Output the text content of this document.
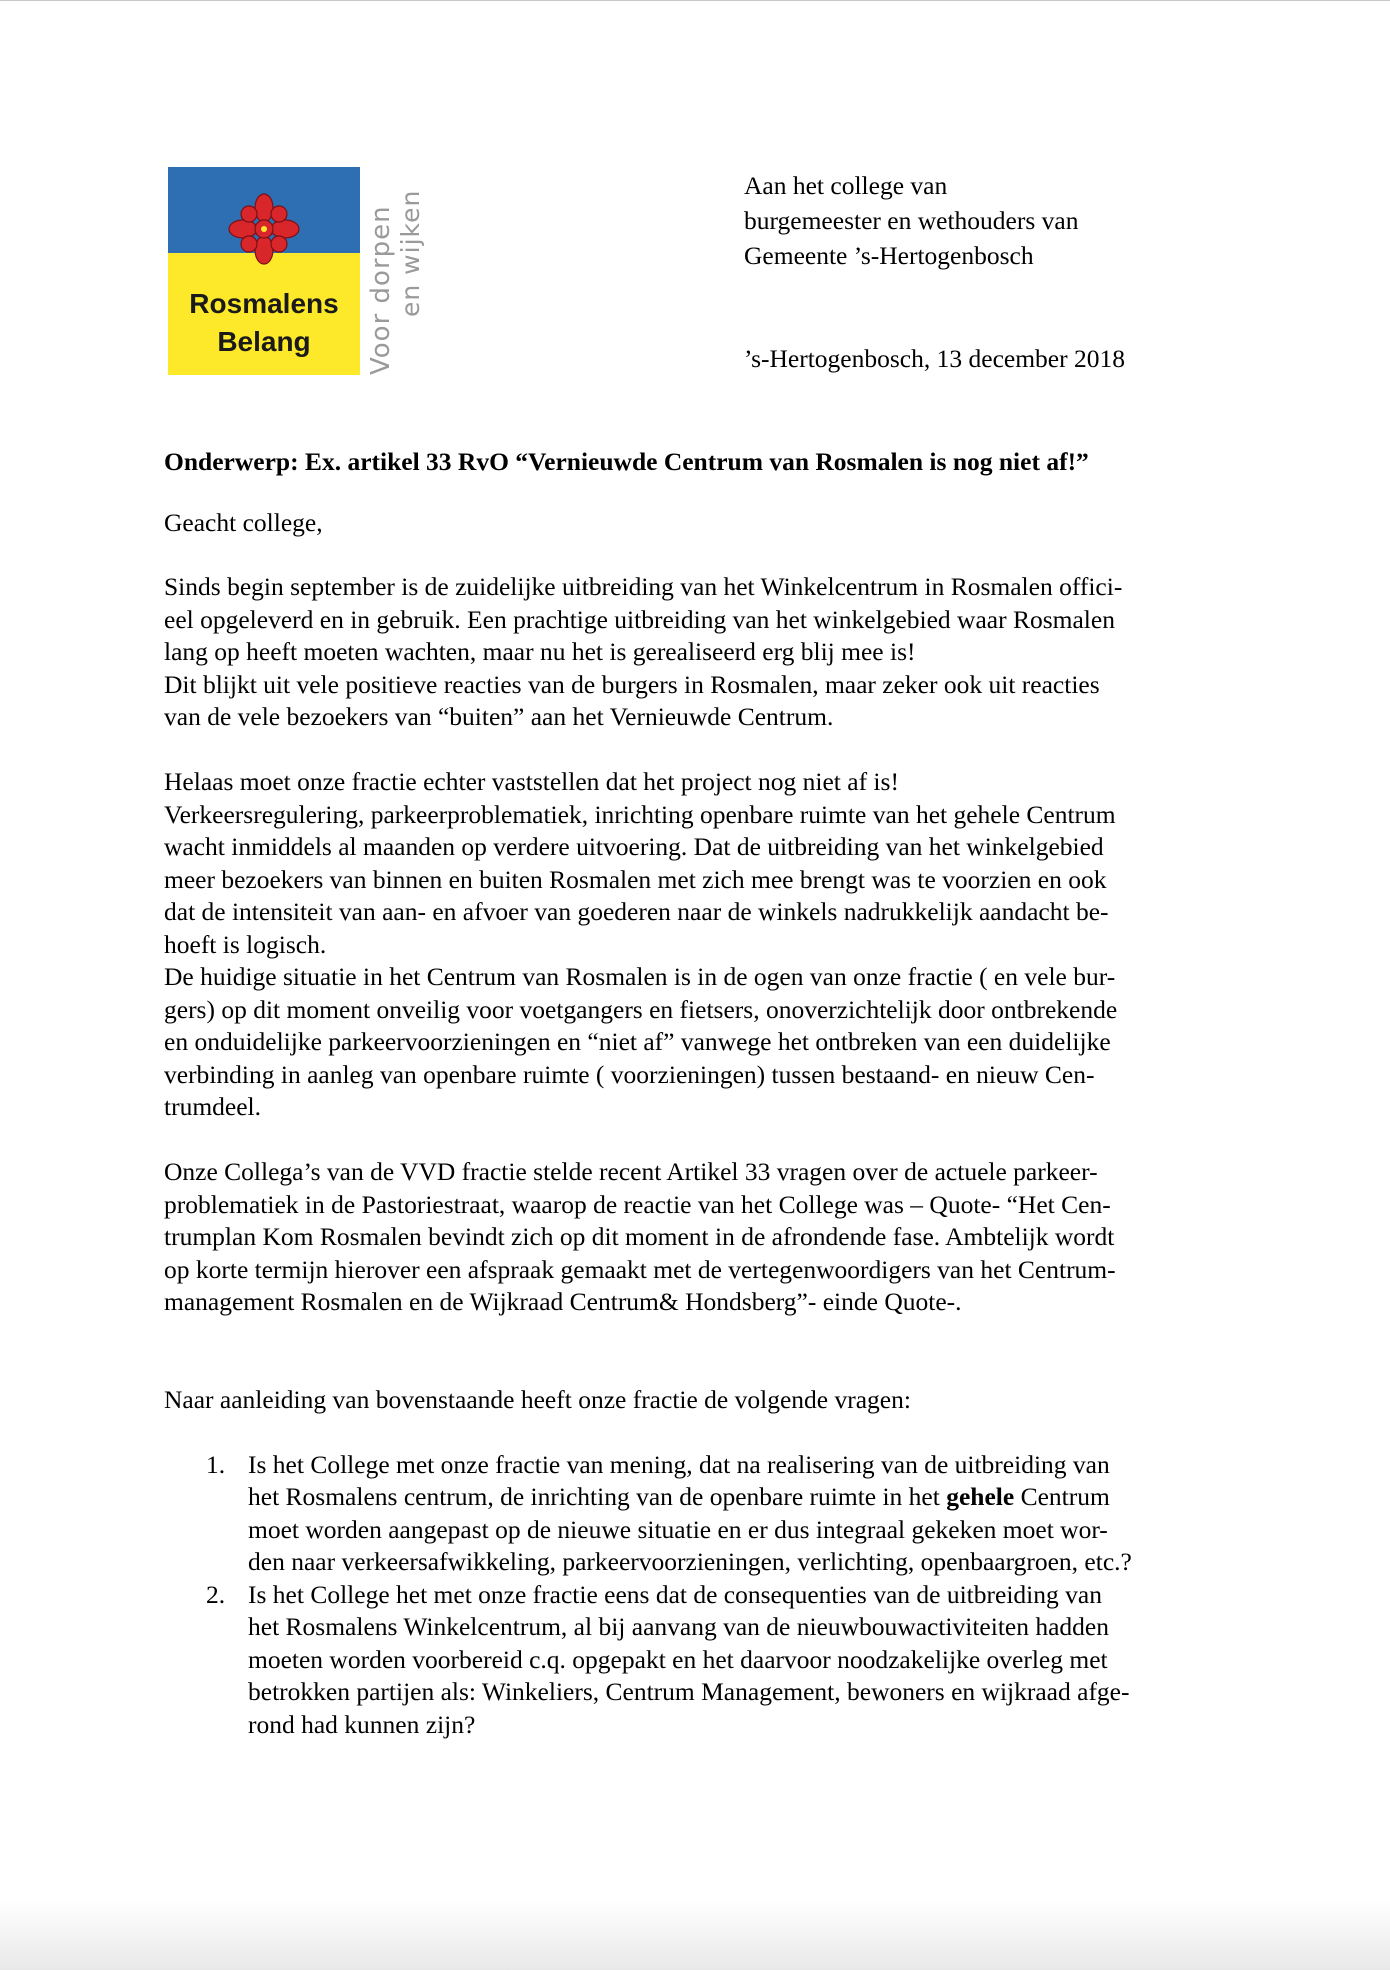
Rosmalens
Belang	Voor dorpen en wijken
Aan het college van
burgemeester en wethouders van
Gemeente ’s-Hertogenbosch
’s-Hertogenbosch, 13 december 2018
Onderwerp: Ex. artikel 33 RvO “Vernieuwde Centrum van Rosmalen is nog niet af!”
Geacht college,
Sinds begin september is de zuidelijke uitbreiding van het Winkelcentrum in Rosmalen offici-
eel opgeleverd en in gebruik. Een prachtige uitbreiding van het winkelgebied waar Rosmalen
lang op heeft moeten wachten, maar nu het is gerealiseerd erg blij mee is!
Dit blijkt uit vele positieve reacties van de burgers in Rosmalen, maar zeker ook uit reacties
van de vele bezoekers van “buiten” aan het Vernieuwde Centrum.
Helaas moet onze fractie echter vaststellen dat het project nog niet af is!
Verkeersregulering, parkeerproblematiek, inrichting openbare ruimte van het gehele Centrum
wacht inmiddels al maanden op verdere uitvoering. Dat de uitbreiding van het winkelgebied
meer bezoekers van binnen en buiten Rosmalen met zich mee brengt was te voorzien en ook
dat de intensiteit van aan- en afvoer van goederen naar de winkels nadrukkelijk aandacht be-
hoeft is logisch.
De huidige situatie in het Centrum van Rosmalen is in de ogen van onze fractie ( en vele bur-
gers) op dit moment onveilig voor voetgangers en fietsers, onoverzichtelijk door ontbrekende
en onduidelijke parkeervoorzieningen en “niet af” vanwege het ontbreken van een duidelijke
verbinding in aanleg van openbare ruimte ( voorzieningen) tussen bestaand- en nieuw Cen-
trumdeel.
Onze Collega’s van de VVD fractie stelde recent Artikel 33 vragen over de actuele parkeer-
problematiek in de Pastoriestraat, waarop de reactie van het College was – Quote- “Het Cen-
trumplan Kom Rosmalen bevindt zich op dit moment in de afrondende fase. Ambtelijk wordt
op korte termijn hierover een afspraak gemaakt met de vertegenwoordigers van het Centrum-
management Rosmalen en de Wijkraad Centrum& Hondsberg”- einde Quote-.
Naar aanleiding van bovenstaande heeft onze fractie de volgende vragen:
1. Is het College met onze fractie van mening, dat na realisering van de uitbreiding van
het Rosmalens centrum, de inrichting van de openbare ruimte in het gehele Centrum
moet worden aangepast op de nieuwe situatie en er dus integraal gekeken moet wor-
den naar verkeersafwikkeling, parkeervoorzieningen, verlichting, openbaargroen, etc.?
2. Is het College het met onze fractie eens dat de consequenties van de uitbreiding van
het Rosmalens Winkelcentrum, al bij aanvang van de nieuwbouwactiviteiten hadden
moeten worden voorbereid c.q. opgepakt en het daarvoor noodzakelijke overleg met
betrokken partijen als: Winkeliers, Centrum Management, bewoners en wijkraad afge-
rond had kunnen zijn?
